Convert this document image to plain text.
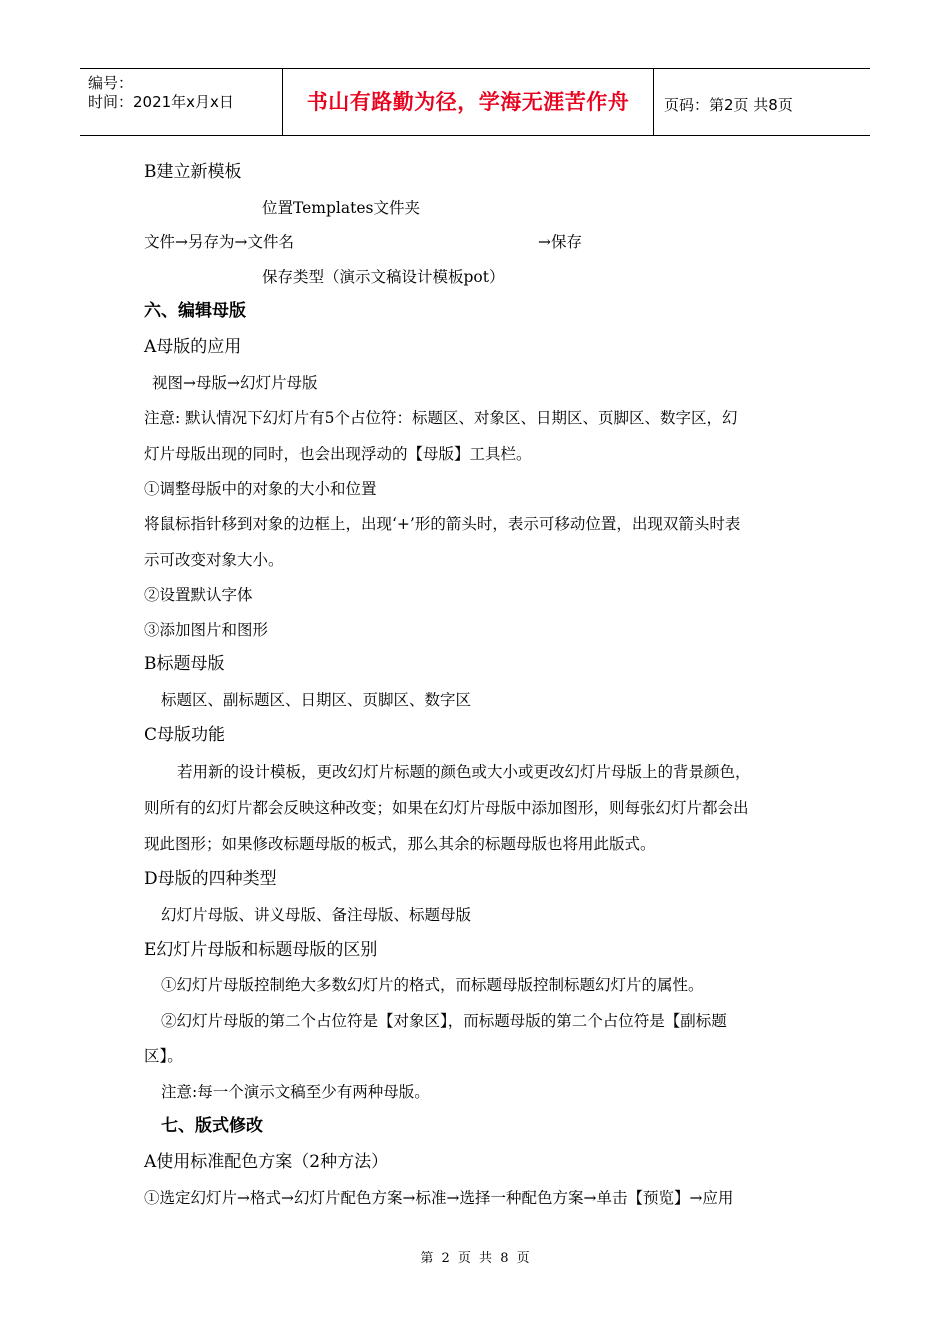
编号：
时间：2021年x月x日	书山有路勤为径，学海无涯苦作舟	页码：第2页 共8页
B建立新模板
位置Templates文件夹
文件→另存为→文件名	→保存
保存类型（演示文稿设计模板pot）
六、编辑母版
A母版的应用
视图→母版→幻灯片母版
注意: 默认情况下幻灯片有5个占位符：标题区、对象区、日期区、页脚区、数字区，幻
灯片母版出现的同时，也会出现浮动的【母版】工具栏。
①调整母版中的对象的大小和位置
将鼠标指针移到对象的边框上，出现‘+’形的箭头时，表示可移动位置，出现双箭头时表
示可改变对象大小。
②设置默认字体
③添加图片和图形
B标题母版
标题区、副标题区、日期区、页脚区、数字区
C母版功能
若用新的设计模板，更改幻灯片标题的颜色或大小或更改幻灯片母版上的背景颜色，
则所有的幻灯片都会反映这种改变；如果在幻灯片母版中添加图形，则每张幻灯片都会出
现此图形；如果修改标题母版的板式，那么其余的标题母版也将用此版式。
D母版的四种类型
幻灯片母版、讲义母版、备注母版、标题母版
E幻灯片母版和标题母版的区别
①幻灯片母版控制绝大多数幻灯片的格式，而标题母版控制标题幻灯片的属性。
②幻灯片母版的第二个占位符是【对象区】，而标题母版的第二个占位符是【副标题
区】。
注意:每一个演示文稿至少有两种母版。
七、版式修改
A使用标准配色方案（2种方法）
①选定幻灯片→格式→幻灯片配色方案→标准→选择一种配色方案→单击【预览】→应用
第 2 页 共 8 页
